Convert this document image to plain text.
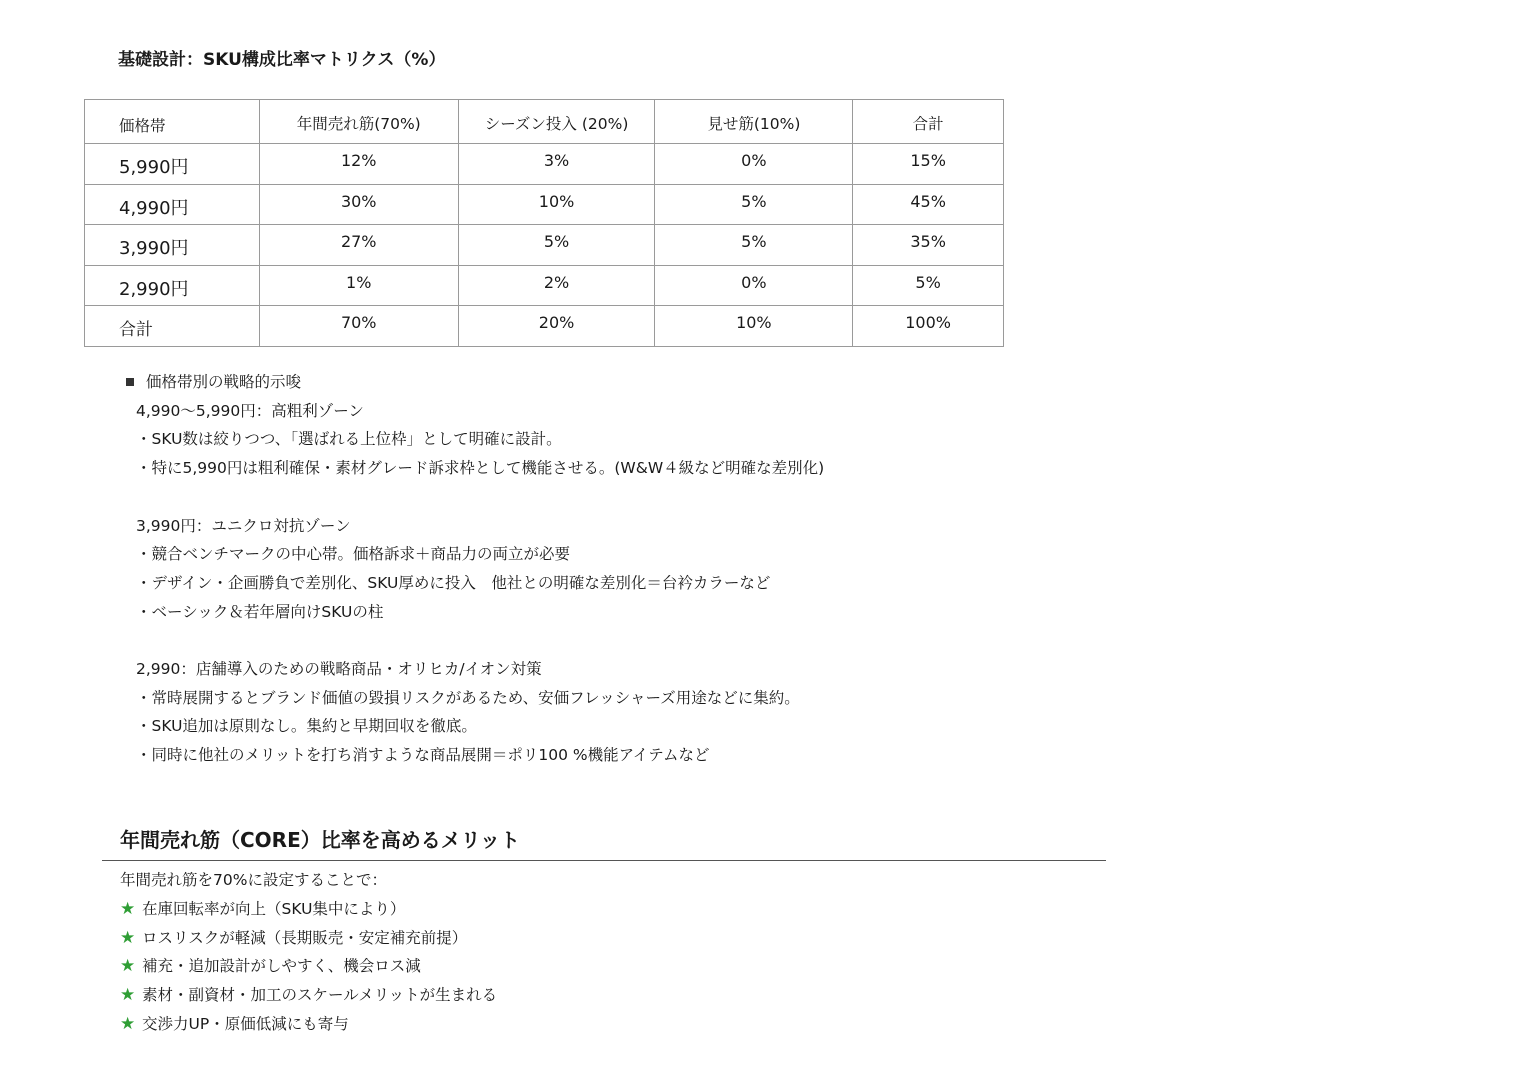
基礎設計：SKU構成比率マトリクス（%）
価格帯	年間売れ筋(70%)	シーズン投入 (20%)	見せ筋(10%)	合計
5,990円	12%	3%	0%	15%
4,990円	30%	10%	5%	45%
3,990円	27%	5%	5%	35%
2,990円	1%	2%	0%	5%
合計	70%	20%	10%	100%
価格帯別の戦略的示唆
4,990〜5,990円：高粗利ゾーン
・SKU数は絞りつつ、「選ばれる上位枠」として明確に設計。
・特に5,990円は粗利確保・素材グレード訴求枠として機能させる。(W&W４級など明確な差別化)
3,990円：ユニクロ対抗ゾーン
・競合ベンチマークの中心帯。価格訴求＋商品力の両立が必要
・デザイン・企画勝負で差別化、SKU厚めに投入　他社との明確な差別化＝台衿カラーなど
・ベーシック＆若年層向けSKUの柱
2,990：店舗導入のための戦略商品・オリヒカ/イオン対策
・常時展開するとブランド価値の毀損リスクがあるため、安価フレッシャーズ用途などに集約。
・SKU追加は原則なし。集約と早期回収を徹底。
・同時に他社のメリットを打ち消すような商品展開＝ポリ100 %機能アイテムなど
年間売れ筋（CORE）比率を高めるメリット
年間売れ筋を70%に設定することで：
★ 在庫回転率が向上（SKU集中により）
★ ロスリスクが軽減（長期販売・安定補充前提）
★ 補充・追加設計がしやすく、機会ロス減
★ 素材・副資材・加工のスケールメリットが生まれる
★ 交渉力UP・原価低減にも寄与
